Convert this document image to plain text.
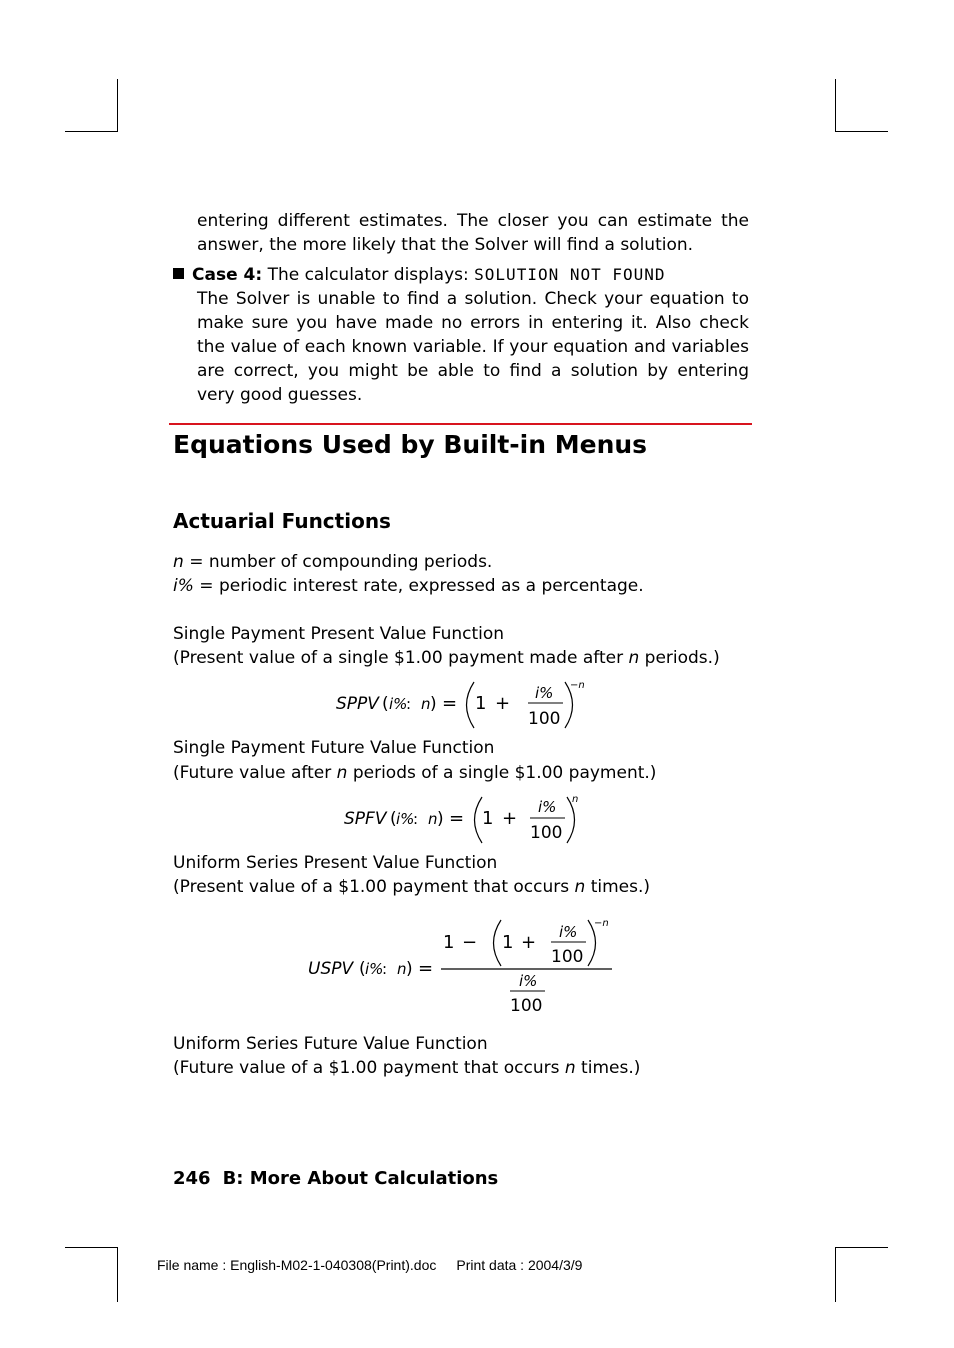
entering different estimates. The closer you can estimate the answer, the more likely that the Solver will find a solution.

Case 4: The calculator displays: SOLUTION NOT FOUND

The Solver is unable to find a solution. Check your equation to make sure you have made no errors in entering it. Also check the value of each known variable. If your equation and variables are correct, you might be able to find a solution by entering very good guesses.

Equations Used by Built-in Menus
Actuarial Functions
n = number of compounding periods.
i% = periodic interest rate, expressed as a percentage.
Single Payment Present Value Function
(Present value of a single $1.00 payment made after n periods.)
Single Payment Future Value Function
(Future value after n periods of a single $1.00 payment.)
Uniform Series Present Value Function
(Present value of a $1.00 payment that occurs n times.)
Uniform Series Future Value Function
(Future value of a $1.00 payment that occurs n times.)
SPPV ( i%
: n ) = 1 + i%
100
−n
SPFV ( i%
: n ) = 1 +
i%
100
n
USPV ( i%
: n ) =
1 − 1 + i%
100
−n
i%
100
246 B: More About Calculations
File name : English-M02-1-040308(Print).doc Print data : 2004/3/9
